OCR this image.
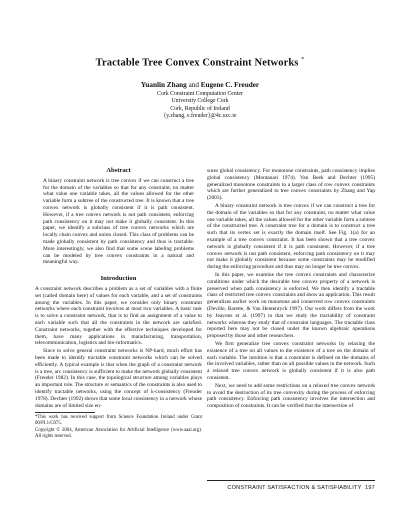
Tractable Tree Convex Constraint Networks *
Yuanlin Zhang and Eugene C. Freuder
Cork Constraint Computation Center
University College Cork
Cork, Republic of Ireland
{y.zhang, e.freuder}@4c.ucc.ie
Abstract

A binary constraint network is tree convex if we can construct a tree for the domain of the variables so that for any constraint, no matter what value one variable takes, all the values allowed for the other variable form a subtree of the constructed tree. It is known that a tree convex network is globally consistent if it is path consistent. However, if a tree convex network is not path consistent, enforcing path consistency on it may not make it globally consistent. In this paper, we identify a subclass of tree convex networks which are locally chain convex and union closed. This class of problems can be made globally consistent by path consistency and thus is tractable. More interestingly, we also find that some scene labeling problems can be modeled by tree convex constraints in a natural and meaningful way.

Introduction

A constraint network describes a problem as a set of variables with a finite set (called domain here) of values for each variable, and a set of constraints among the variables. In this paper, we consider only binary constraint networks where each constraint involves at most two variables. A basic task is to solve a constraint network, that is to find an assignment of a value to each variable such that all the constraints in the network are satisfied. Constraint networks, together with the effective techniques developed for them, have many applications in manufacturing, transportation, telecommunication, logistics and bio-informatics.

Since to solve general constraint networks is NP-hard, much effort has been made to identify tractable constraint networks which can be solved efficiently. A typical example is that when the graph of a constraint network is a tree, arc consistency is sufficient to make the network globally consistent (Freuder 1982). In this case, the topological structure among variables plays an important role. The structure or semantics of the constraints is also used to identify tractable networks, using the concept of k-consistency (Freuder 1978). Dechter (1992) shows that some local consistency in a network whose domains are of limited size en-

*This work has received support from Science Foundation Ireland under Grant 00/PI.1/C075.

Copyright © 2004, American Association for Artificial Intelligence (www.aaai.org). All rights reserved.

sures global consistency. For monotone constraints, path consistency implies global consistency (Montanari 1974). Van Beek and Dechter (1995) generalized monotone constraints to a larger class of row convex constraints which are further generalized to tree convex constraints by Zhang and Yap (2003).

A binary constraint network is tree convex if we can construct a tree for the domain of the variables so that for any constraint, no matter what value one variable takes, all the values allowed for the other variable form a subtree of the constructed tree. A constraint tree for a domain is to construct a tree such that its vertex set is exactly the domain itself. See Fig. 1(a) for an example of a tree convex constraint. It has been shown that a tree convex network is globally consistent if it is path consistent. However, if a tree convex network is not path consistent, enforcing path consistency on it may not make it globally consistent because some constraints may be modified during the enforcing procedure and thus may no longer be tree convex.

In this paper, we examine the tree convex constraints and characterize conditions under which the desirable tree convex property of a network is preserved when path consistency is enforced. We then identify a tractable class of restricted tree convex constraints and show an application. This result generalizes earlier work on monotone and connected row convex constraints (Deville, Barette, & Van Hentenryck 1997). Our work differs from the work by Jeavons et al. (1997) in that we study the tractability of constraint networks whereas they study that of constraint languages. The tractable class reported here may not be closed under the known algebraic operations proposed by those and other researchers.

We first generalize tree convex constraint networks by relaxing the existence of a tree on all values to the existence of a tree on the domain of each variable. The intuition is that a constraint is defined on the domains of the involved variables, rather than on all possible values in the network. Such a relaxed tree convex network is globally consistent if it is also path consistent.

Next, we need to add some restrictions on a relaxed tree convex network to avoid the destruction of its tree convexity during the process of enforcing path consistency. Enforcing path consistency involves the intersection and composition of constraints. It can be verified that the intersection of

CONSTRAINT SATISFACTION & SATISFIABILITY 197
